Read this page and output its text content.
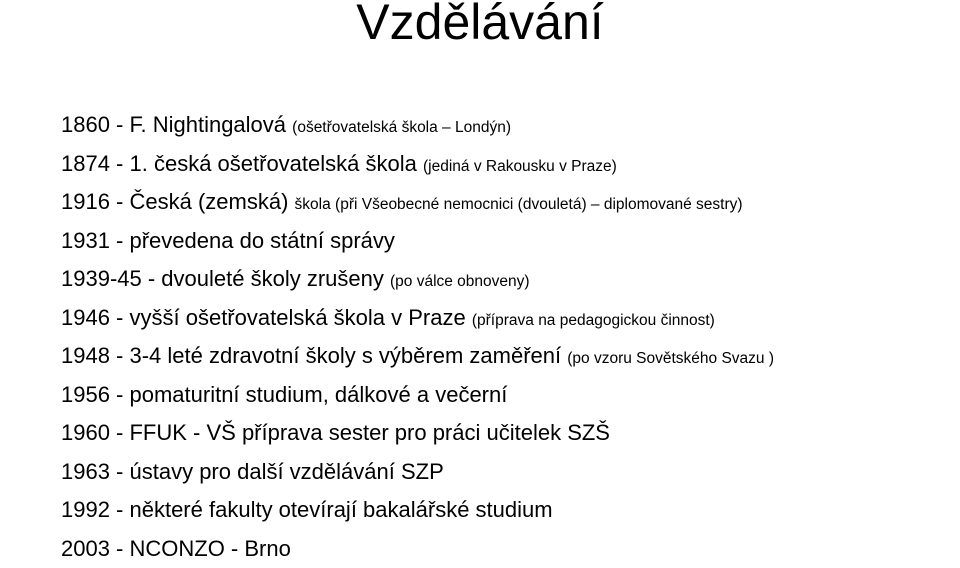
Vzdělávání
1860 - F. Nightingalová (ošetřovatelská škola – Londýn)
1874 - 1. česká ošetřovatelská škola (jediná v Rakousku v Praze)
1916 - Česká (zemská) škola (při Všeobecné nemocnici (dvouletá) – diplomované sestry)
1931 - převedena do státní správy
1939-45 - dvouleté školy zrušeny (po válce obnoveny)
1946 - vyšší ošetřovatelská škola v Praze (příprava na pedagogickou činnost)
1948 - 3-4 leté zdravotní školy s výběrem zaměření (po vzoru Sovětského Svazu )
1956 - pomaturitní studium, dálkové a večerní
1960 - FFUK - VŠ příprava sester pro práci učitelek SZŠ
1963 - ústavy pro další vzdělávání SZP
1992 - některé fakulty otevírají bakalářské studium
2003 - NCONZO - Brno
